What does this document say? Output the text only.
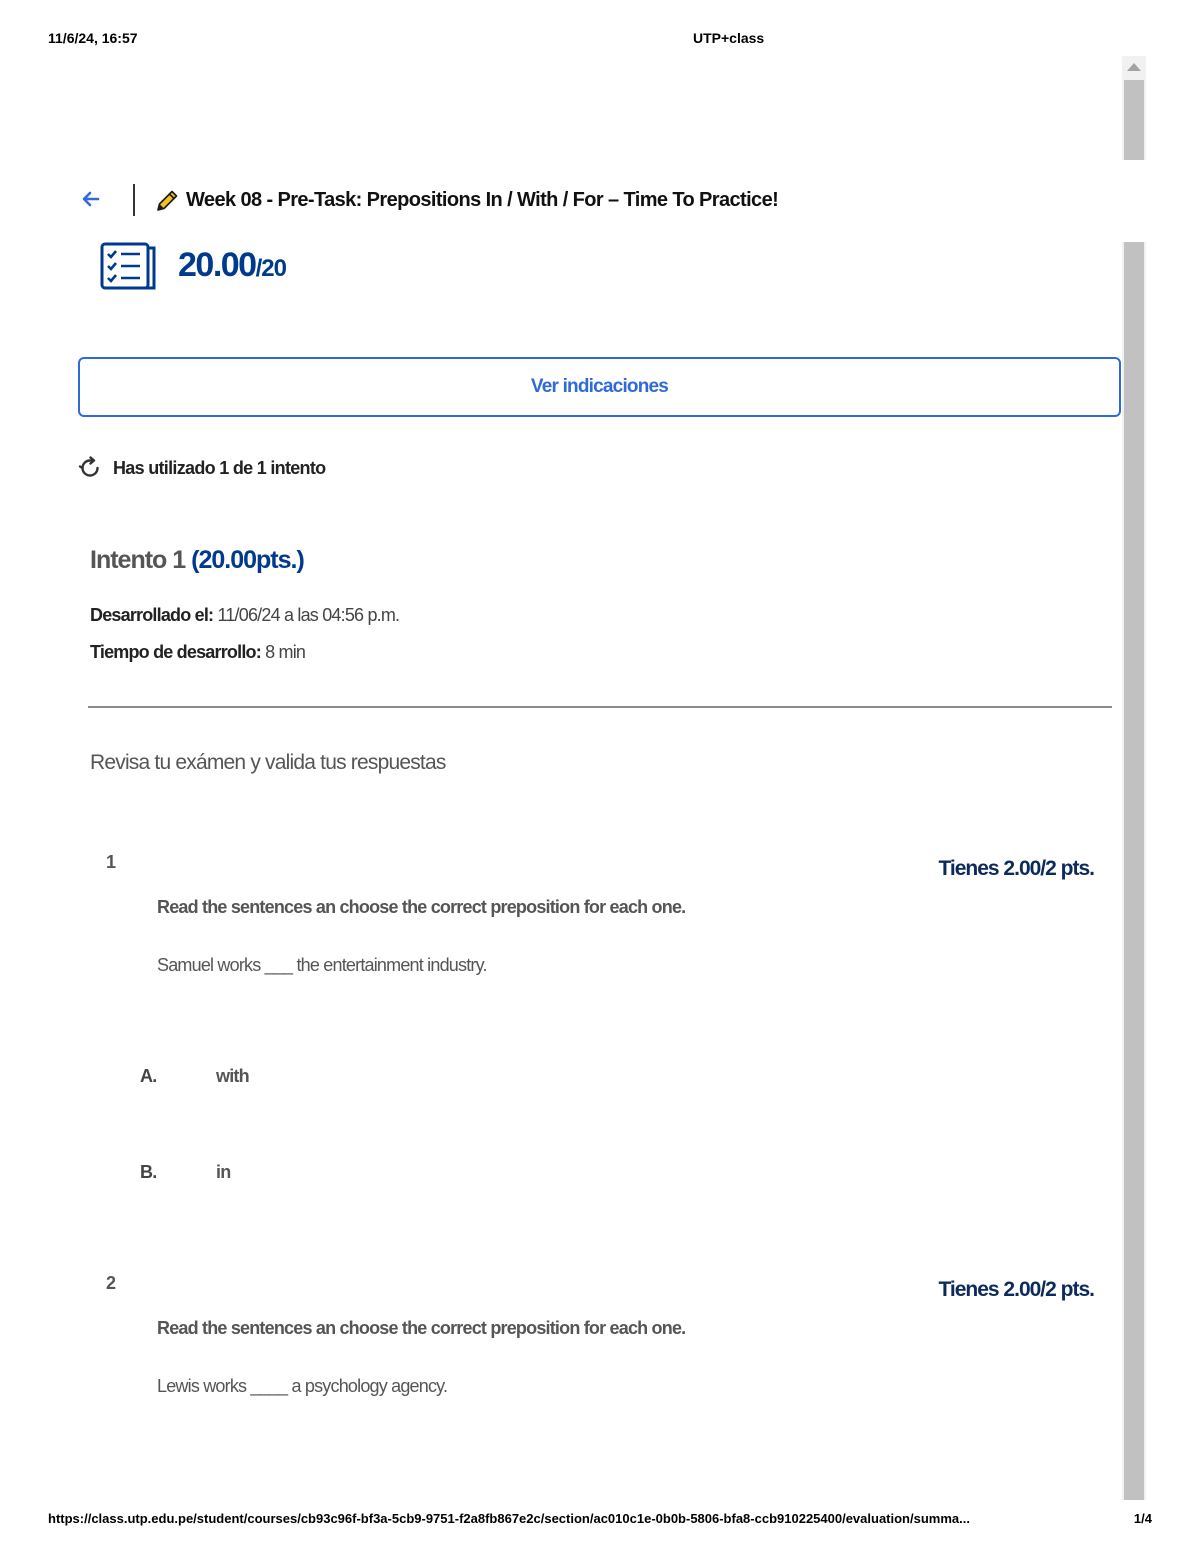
11/6/24, 16:57	UTP+class
Week 08 - Pre-Task: Prepositions In / With / For – Time To Practice!
20.00/20
Ver indicaciones
Has utilizado 1 de 1 intento
Intento 1 (20.00pts.)
Desarrollado el: 11/06/24 a las 04:56 p.m.
Tiempo de desarrollo: 8 min
Revisa tu exámen y valida tus respuestas
1	Tienes 2.00/2 pts.
Read the sentences an choose the correct preposition for each one.
Samuel works ___ the entertainment industry.
A.	with
B.	in
2	Tienes 2.00/2 pts.
Read the sentences an choose the correct preposition for each one.
Lewis works ____ a psychology agency.
https://class.utp.edu.pe/student/courses/cb93c96f-bf3a-5cb9-9751-f2a8fb867e2c/section/ac010c1e-0b0b-5806-bfa8-ccb910225400/evaluation/summa...	1/4
